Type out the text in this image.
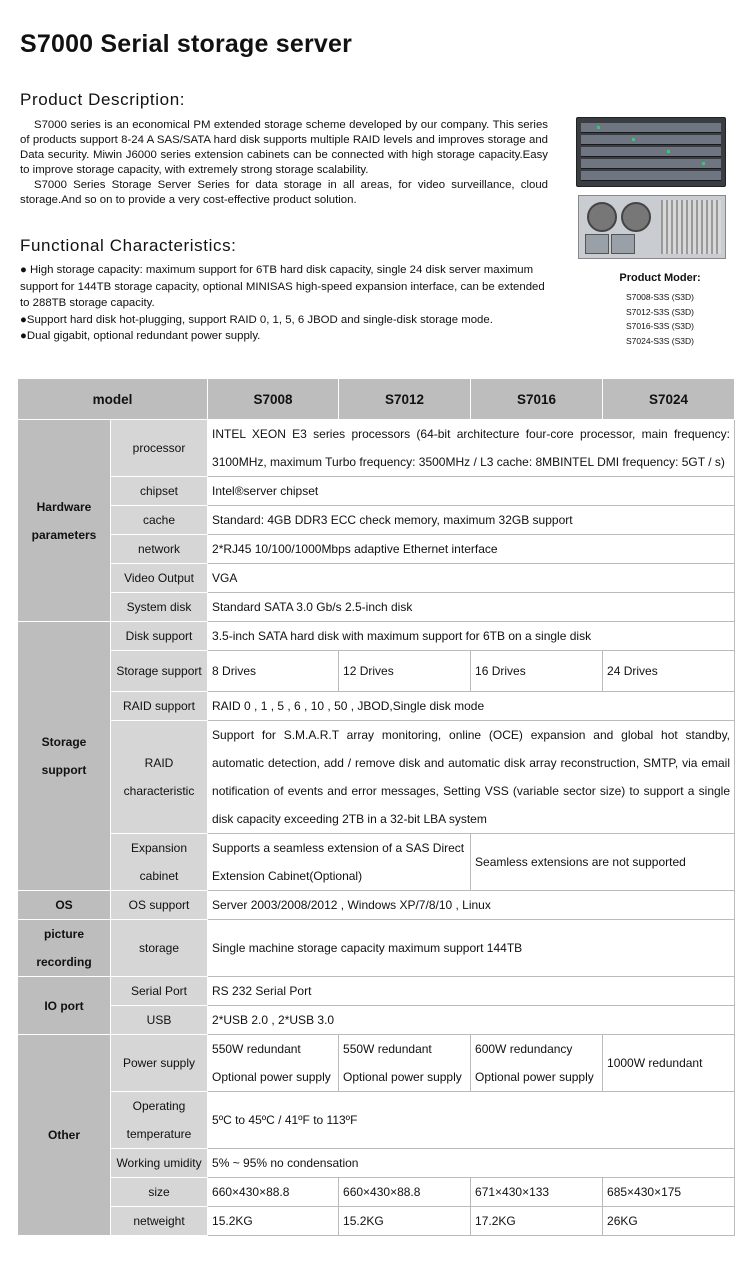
S7000 Serial storage server
Product Description:

S7000 series is an economical PM extended storage scheme developed by our company. This series of products support 8-24 A SAS/SATA hard disk supports multiple RAID levels and improves storage and Data security. Miwin J6000 series extension cabinets can be connected with high storage capacity.Easy to improve storage capacity, with extremely strong storage scalability.

S7000 Series Storage Server Series for data storage in all areas, for video surveillance, cloud storage.And so on to provide a very cost-effective product solution.

Functional Characteristics:

● High storage capacity: maximum support for 6TB hard disk capacity, single 24 disk server maximum support for 144TB storage capacity, optional MINISAS high-speed expansion interface, can be extended to 288TB storage capacity.

●Support hard disk hot-plugging, support RAID 0, 1, 5, 6 JBOD and single-disk storage mode.

●Dual gigabit, optional redundant power supply.

Product Moder:
S7008-S3S (S3D)
S7012-S3S (S3D)
S7016-S3S (S3D)
S7024-S3S (S3D)
model		S7008	S7012	S7016	S7024
Hardware parameters	processor	INTEL XEON E3 series processors (64-bit architecture four-core processor, main frequency: 3100MHz, maximum Turbo frequency: 3500MHz / L3 cache: 8MBINTEL DMI frequency: 5GT / s)			
	chipset	Intel®server chipset			
	cache	Standard: 4GB DDR3 ECC check memory, maximum 32GB support			
	network	2*RJ45 10/100/1000Mbps adaptive Ethernet interface			
	Video Output	VGA			
	System disk	Standard SATA 3.0 Gb/s 2.5-inch disk			
Storage support	Disk support	3.5-inch SATA hard disk with maximum support for 6TB on a single disk			
	Storage support	8 Drives	12 Drives	16 Drives	24 Drives
	RAID support	RAID 0 , 1 , 5 , 6 , 10 , 50 , JBOD,Single disk mode			
	RAID characteristic	Support for S.M.A.R.T array monitoring, online (OCE) expansion and global hot standby, automatic detection, add / remove disk and automatic disk array reconstruction, SMTP, via email notification of events and error messages, Setting VSS (variable sector size) to support a single disk capacity exceeding 2TB in a 32-bit LBA system			
	Expansion cabinet	Supports a seamless extension of a SAS Direct Extension Cabinet(Optional)		Seamless extensions are not supported	
OS	OS support	Server 2003/2008/2012 , Windows XP/7/8/10 , Linux			
picture recording	storage	Single machine storage capacity maximum support 144TB			
IO port	Serial Port	RS 232 Serial Port			
	USB	2*USB 2.0 , 2*USB 3.0			
Other	Power supply	550W redundant Optional power supply	550W redundant Optional power supply	600W redundancy Optional power supply	1000W redundant
	Operating temperature	5ºC to 45ºC / 41ºF to 113ºF			
	Working umidity	5% ~ 95% no condensation			
	size	660×430×88.8	660×430×88.8	671×430×133	685×430×175
	netweight	15.2KG	15.2KG	17.2KG	26KG
